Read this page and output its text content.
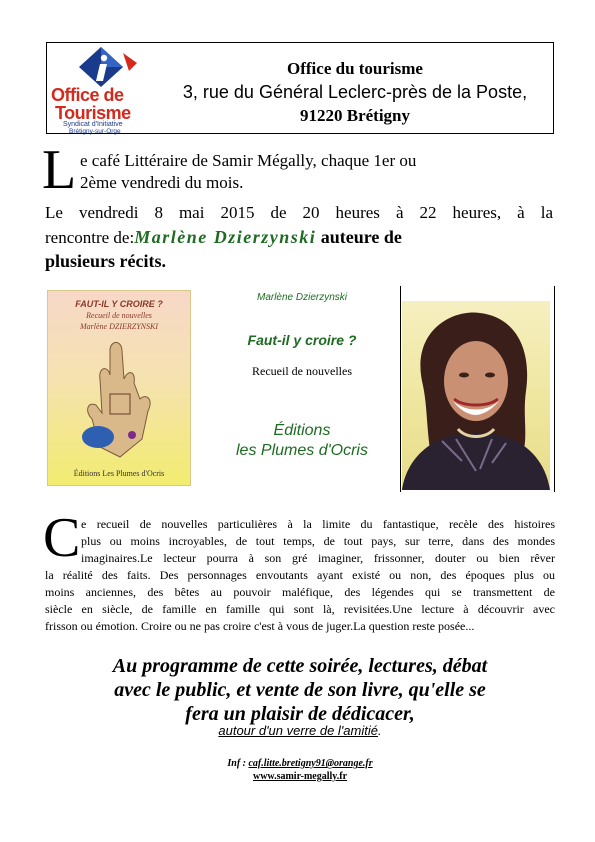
Office de
Tourisme
Syndicat d'Initiative
Brétigny-sur-Orge
Office du tourisme
3, rue du Général Leclerc-près de la Poste,
91220 Brétigny
L e café Littéraire de Samir Mégally, chaque 1er ou
2ème vendredi du mois.
Le vendredi 8 mai 2015 de 20 heures à 22 heures, à la
rencontre de:Marlène Dzierzynski auteure de
plusieurs récits.
FAUT-IL Y CROIRE ?
Recueil de nouvelles
Marlène DZIERZYNSKI
Éditions Les Plumes d'Ocris
Marlène Dzierzynski
Faut-il y croire ?
Recueil de nouvelles
Éditions
les Plumes d'Ocris
C e recueil de nouvelles particulières à la limite du fantastique, recèle des histoires
plus ou moins incroyables, de tout temps, de tout pays, sur terre, dans des mondes
imaginaires.Le lecteur pourra à son gré imaginer, frissonner, douter ou bien rêver
la réalité des faits. Des personnages envoutants ayant existé ou non, des époques plus ou
moins anciennes, des bêtes au pouvoir maléfique, des légendes qui se transmettent de
siècle en siècle, de famille en famille qui sont là, revisitées.Une lecture à découvrir avec
frisson ou émotion. Croire ou ne pas croire c'est à vous de juger.La question reste posée...
Au programme de cette soirée, lectures, débat
avec le public, et vente de son livre, qu'elle se
fera un plaisir de dédicacer,
autour d'un verre de l'amitié.
Inf : caf.litte.bretigny91@orange.fr
www.samir-megally.fr
